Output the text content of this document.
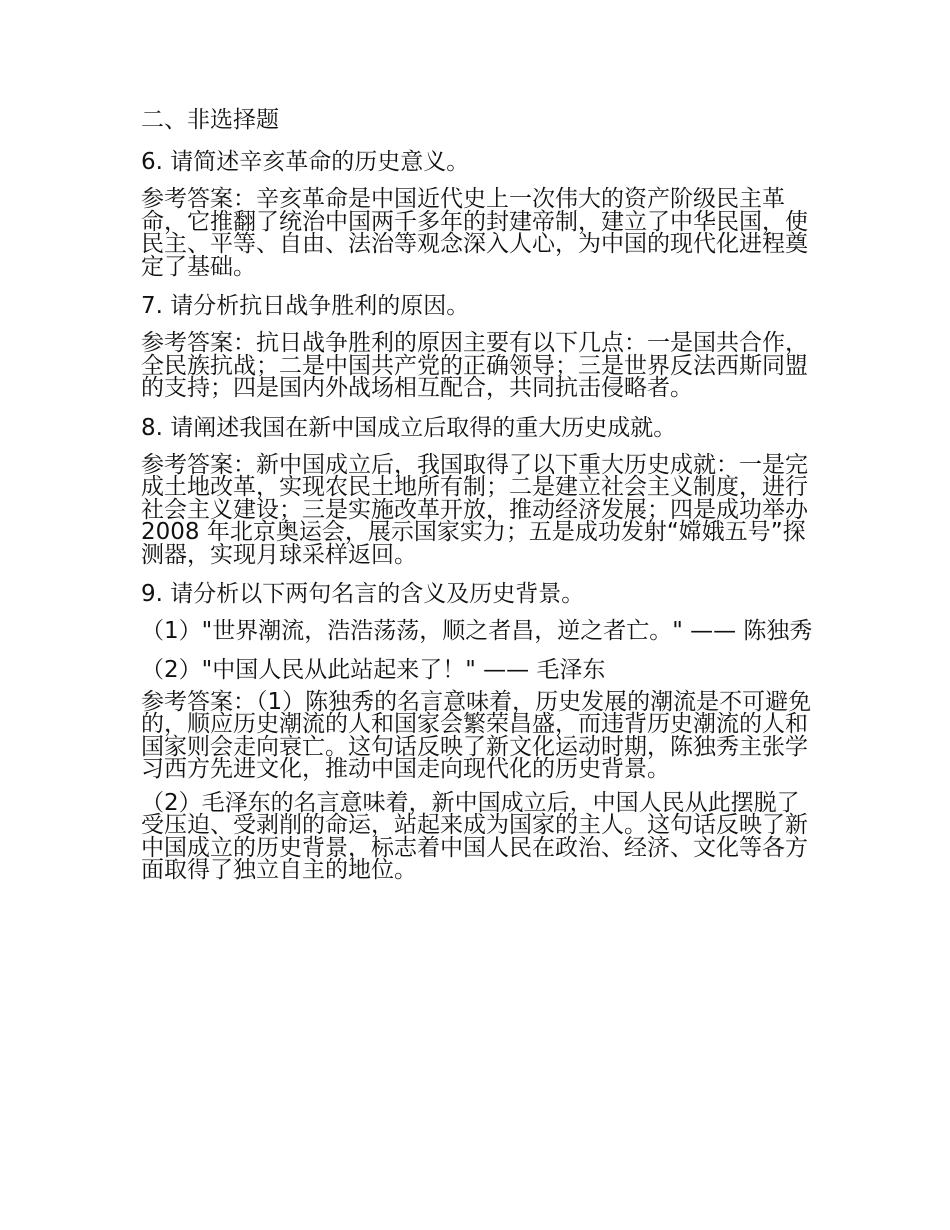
二、非选择题

6. 请简述辛亥革命的历史意义。

参考答案：辛亥革命是中国近代史上一次伟大的资产阶级民主革命，它推翻了统治中国两千多年的封建帝制，建立了中华民国，使民主、平等、自由、法治等观念深入人心，为中国的现代化进程奠定了基础。

7. 请分析抗日战争胜利的原因。

参考答案：抗日战争胜利的原因主要有以下几点：一是国共合作，全民族抗战；二是中国共产党的正确领导；三是世界反法西斯同盟的支持；四是国内外战场相互配合，共同抗击侵略者。

8. 请阐述我国在新中国成立后取得的重大历史成就。

参考答案：新中国成立后，我国取得了以下重大历史成就：一是完成土地改革，实现农民土地所有制；二是建立社会主义制度，进行社会主义建设；三是实施改革开放，推动经济发展；四是成功举办 2008 年北京奥运会，展示国家实力；五是成功发射“嫦娥五号”探测器，实现月球采样返回。

9. 请分析以下两句名言的含义及历史背景。

（1）"世界潮流，浩浩荡荡，顺之者昌，逆之者亡。" —— 陈独秀

（2）"中国人民从此站起来了！" —— 毛泽东

参考答案：（1）陈独秀的名言意味着，历史发展的潮流是不可避免的，顺应历史潮流的人和国家会繁荣昌盛，而违背历史潮流的人和国家则会走向衰亡。这句话反映了新文化运动时期，陈独秀主张学习西方先进文化，推动中国走向现代化的历史背景。

（2）毛泽东的名言意味着，新中国成立后，中国人民从此摆脱了受压迫、受剥削的命运，站起来成为国家的主人。这句话反映了新中国成立的历史背景，标志着中国人民在政治、经济、文化等各方面取得了独立自主的地位。
